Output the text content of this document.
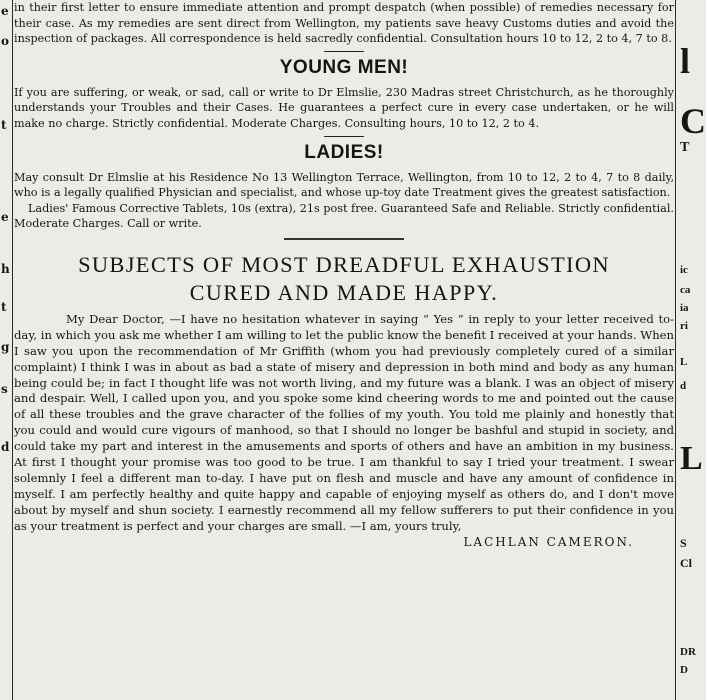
e
o
t
e
h
t
g
s
d

in their first letter to ensure immediate attention and prompt despatch (when possible) of remedies necessary for their case. As my remedies are sent direct from Wellington, my patients save heavy Customs duties and avoid the inspection of packages. All correspondence is held sacredly confidential. Consultation hours 10 to 12, 2 to 4, 7 to 8.

YOUNG MEN!

If you are suffering, or weak, or sad, call or write to Dr Elmslie, 230 Madras street Christchurch, as he thoroughly understands your Troubles and their Cases. He guarantees a perfect cure in every case undertaken, or he will make no charge. Strictly confidential. Moderate Charges. Consulting hours, 10 to 12, 2 to 4.

LADIES!

May consult Dr Elmslie at his Residence No 13 Wellington Terrace, Wellington, from 10 to 12, 2 to 4, 7 to 8 daily, who is a legally qualified Physician and specialist, and whose up-toy date Treatment gives the greatest satisfaction.

Ladies' Famous Corrective Tablets, 10s (extra), 21s post free. Guaranteed Safe and Reliable. Strictly confidential. Moderate Charges. Call or write.

SUBJECTS OF MOST DREADFUL EXHAUSTION
CURED AND MADE HAPPY.

My Dear Doctor, —I have no hesitation whatever in saying “ Yes ” in reply to your letter received to-day, in which you ask me whether I am willing to let the public know the benefit I received at your hands. When I saw you upon the recommendation of Mr Griffith (whom you had previously completely cured of a similar complaint) I think I was in about as bad a state of misery and depression in both mind and body as any human being could be; in fact I thought life was not worth living, and my future was a blank. I was an object of misery and despair. Well, I called upon you, and you spoke some kind cheering words to me and pointed out the cause of all these troubles and the grave character of the follies of my youth. You told me plainly and honestly that you could and would cure vigours of manhood, so that I should no longer be bashful and stupid in society, and could take my part and interest in the amusements and sports of others and have an ambition in my business. At first I thought your promise was too good to be true. I am thankful to say I tried your treatment. I swear solemnly I feel a different man to-day. I have put on flesh and muscle and have any amount of confidence in myself. I am perfectly healthy and quite happy and capable of enjoying myself as others do, and I don't move about by myself and shun society. I earnestly recommend all my fellow sufferers to put their confidence in you as your treatment is perfect and your charges are small. —I am, yours truly,

LACHLAN CAMERON.
l
C
T
ic
ca
ia
ri
L
d
L
S
Cl
DR
D
